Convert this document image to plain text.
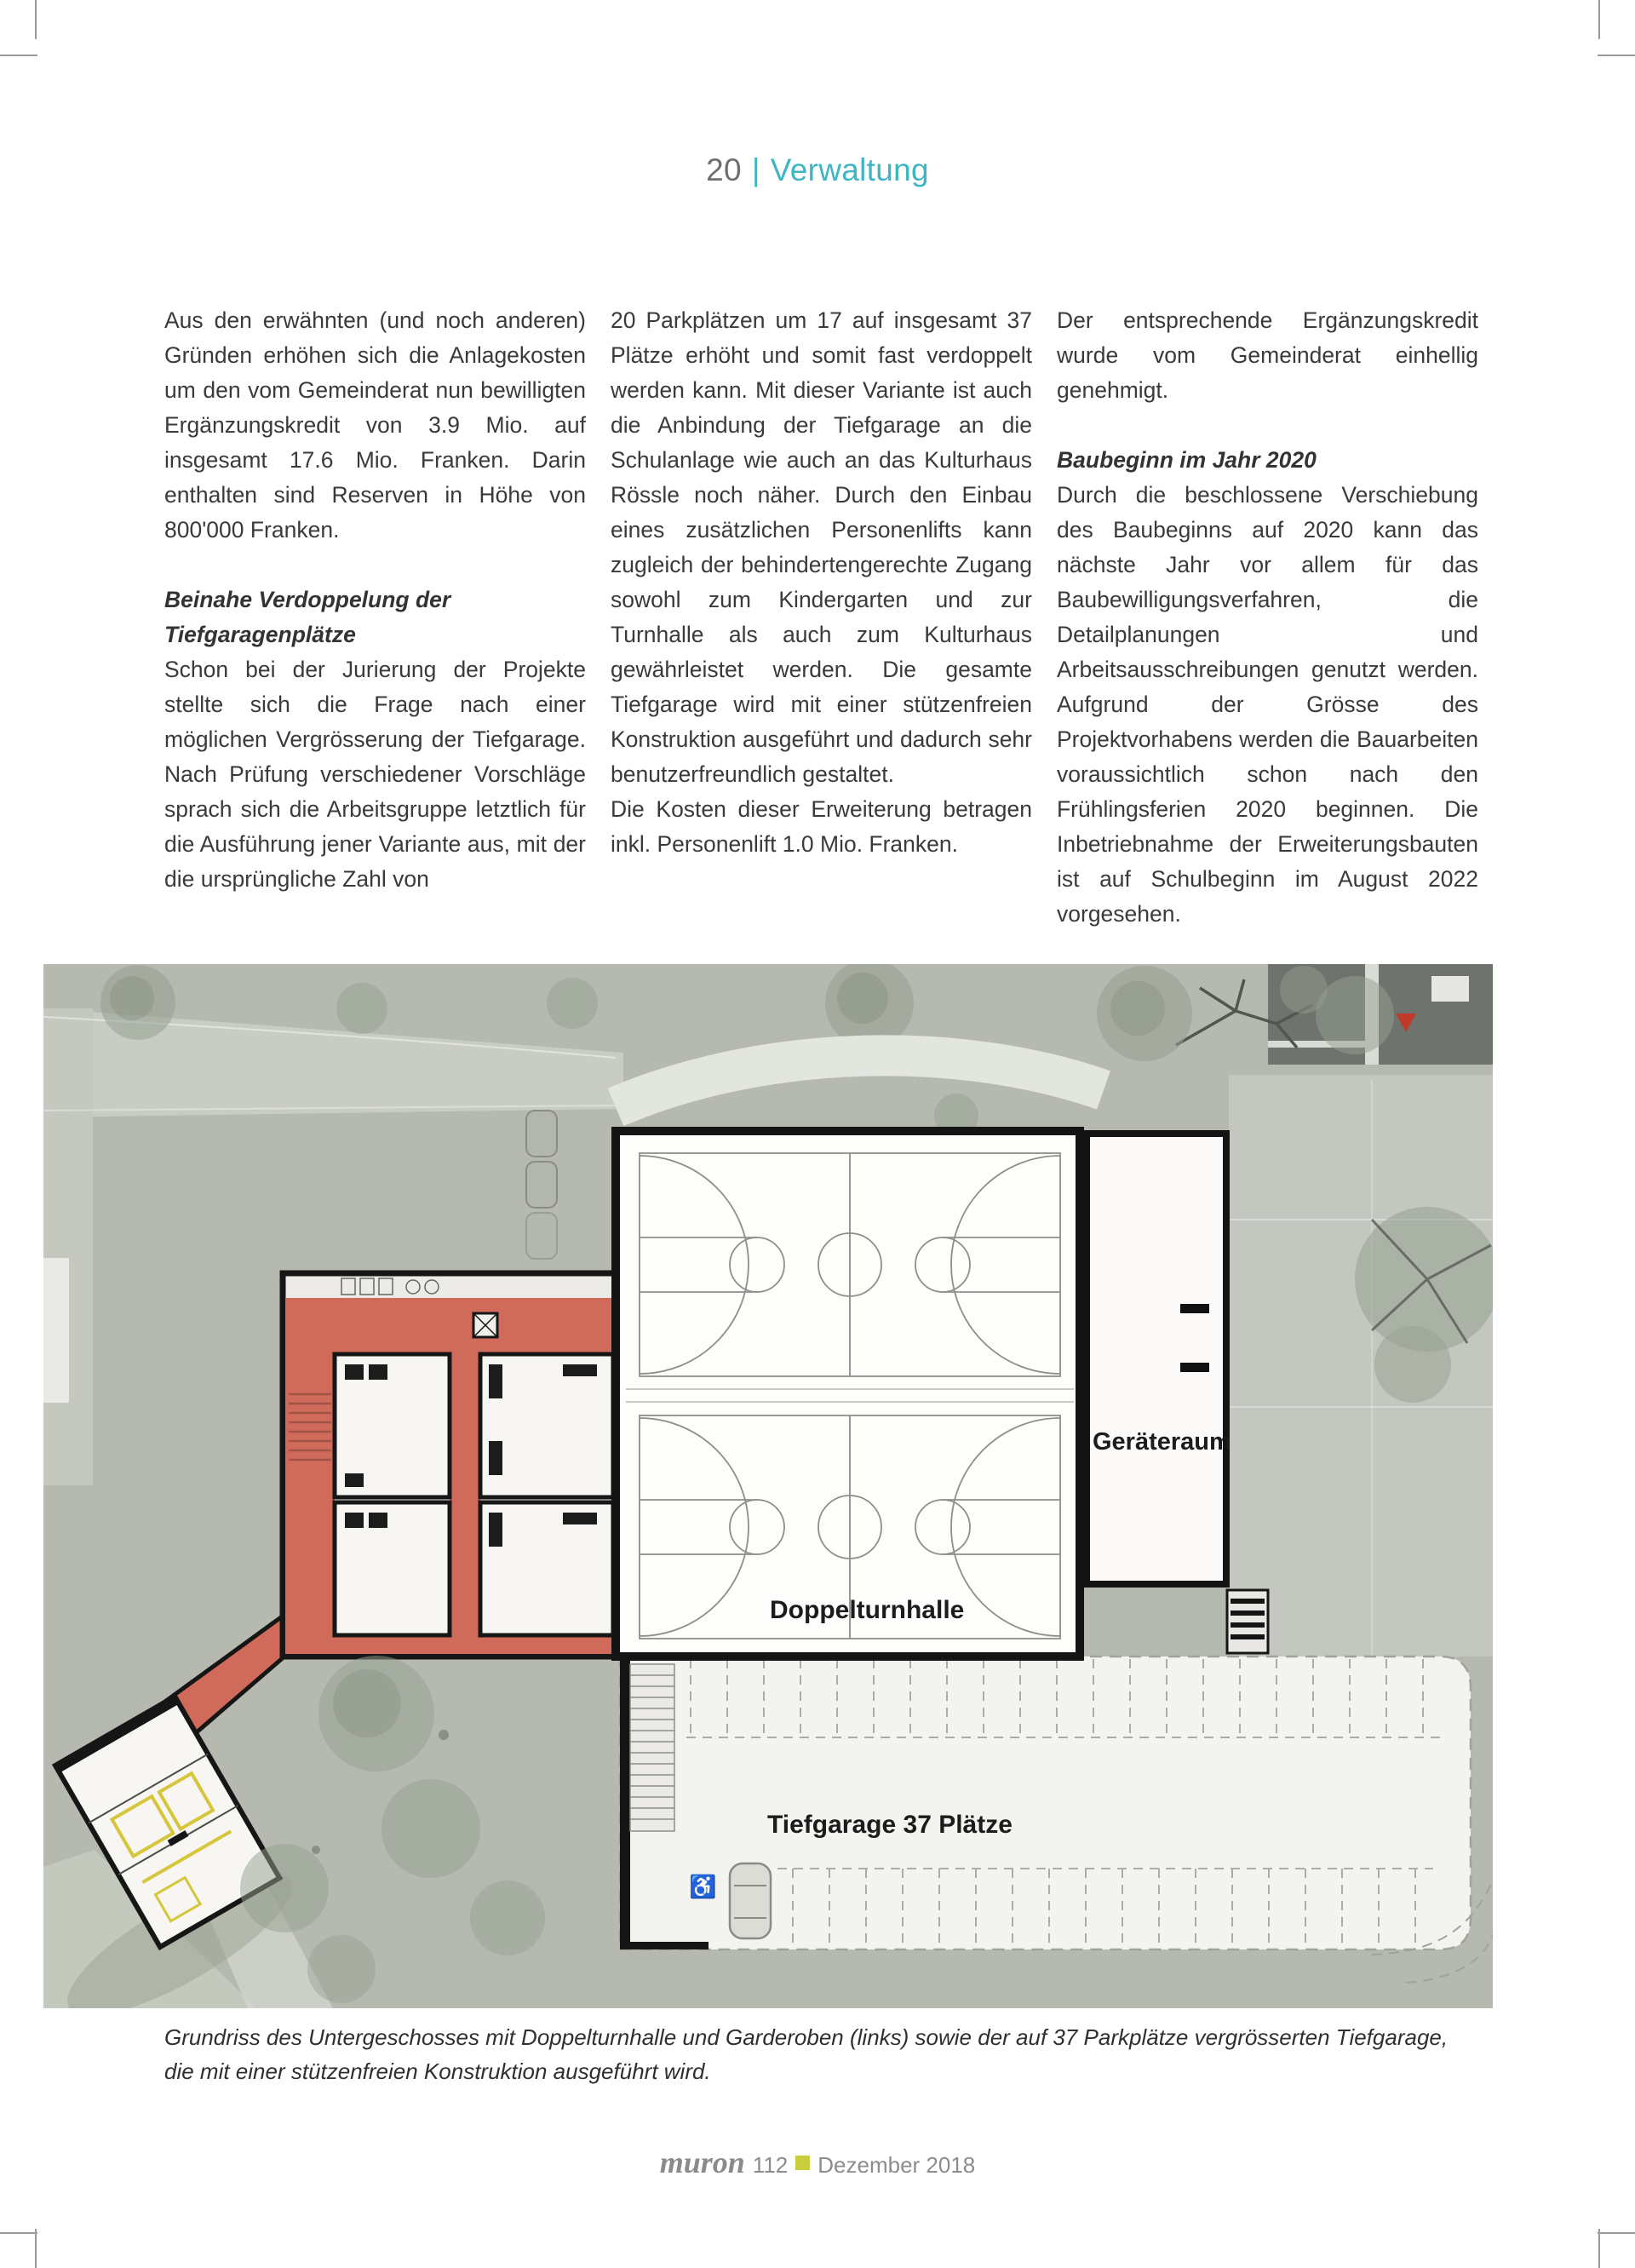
20 | Verwaltung

Aus den erwähnten (und noch anderen) Gründen erhöhen sich die Anlagekosten um den vom Gemeinderat nun bewilligten Ergänzungskredit von 3.9 Mio. auf insgesamt 17.6 Mio. Franken. Darin enthalten sind Reserven in Höhe von 800'000 Franken.

Beinahe Verdoppelung der Tiefgaragenplätze

Schon bei der Jurierung der Projekte stellte sich die Frage nach einer möglichen Vergrösserung der Tiefgarage. Nach Prüfung verschiedener Vorschläge sprach sich die Arbeitsgruppe letztlich für die Ausführung jener Variante aus, mit der die ursprüngliche Zahl von

20 Parkplätzen um 17 auf insgesamt 37 Plätze erhöht und somit fast verdoppelt werden kann. Mit dieser Variante ist auch die Anbindung der Tiefgarage an die Schulanlage wie auch an das Kulturhaus Rössle noch näher. Durch den Einbau eines zusätzlichen Personenlifts kann zugleich der behindertengerechte Zugang sowohl zum Kindergarten und zur Turnhalle als auch zum Kulturhaus gewährleistet werden. Die gesamte Tiefgarage wird mit einer stützenfreien Konstruktion ausgeführt und dadurch sehr benutzerfreundlich gestaltet.

Die Kosten dieser Erweiterung betragen inkl. Personenlift 1.0 Mio. Franken.

Der entsprechende Ergänzungskredit wurde vom Gemeinderat einhellig genehmigt.

Baubeginn im Jahr 2020

Durch die beschlossene Verschiebung des Baubeginns auf 2020 kann das nächste Jahr vor allem für das Baubewilligungsverfahren, die Detailplanungen und Arbeitsausschreibungen genutzt werden. Aufgrund der Grösse des Projektvorhabens werden die Bauarbeiten voraussichtlich schon nach den Frühlingsferien 2020 beginnen. Die Inbetriebnahme der Erweiterungsbauten ist auf Schulbeginn im August 2022 vorgesehen.

♿
Geräteraum
Doppelturnhalle
Tiefgarage 37 Plätze

Grundriss des Untergeschosses mit Doppelturnhalle und Garderoben (links) sowie der auf 37 Parkplätze vergrösserten Tiefgarage, die mit einer stützenfreien Konstruktion ausgeführt wird.

muron 112 Dezember 2018
